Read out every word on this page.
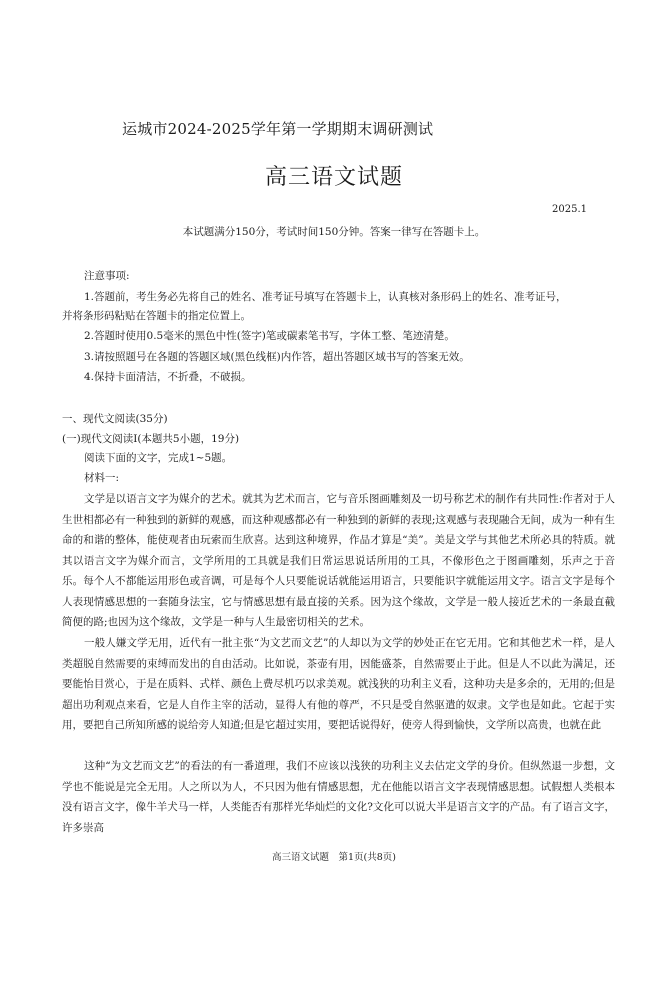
运城市2024-2025学年第一学期期末调研测试
高三语文试题
2025.1
本试题满分150分，考试时间150分钟。答案一律写在答题卡上。
注意事项:
1.答题前，考生务必先将自己的姓名、准考证号填写在答题卡上，认真核对条形码上的姓名、准考证号，
并将条形码粘贴在答题卡的指定位置上。
2.答题时使用0.5毫米的黑色中性(签字)笔或碳素笔书写，字体工整、笔迹清楚。
3.请按照题号在各题的答题区域(黑色线框)内作答，超出答题区域书写的答案无效。
4.保持卡面清洁，不折叠，不破损。
一、现代文阅读(35分)
(一)现代文阅读Ⅰ(本题共5小题，19分)
阅读下面的文字，完成1~5题。
材料一:
文学是以语言文字为媒介的艺术。就其为艺术而言，它与音乐图画雕刻及一切号称艺术的制作有共同性:作者对于人生世相都必有一种独到的新鲜的观感，而这种观感都必有一种独到的新鲜的表现;这观感与表现融合无间，成为一种有生命的和谐的整体，能使观者由玩索而生欣喜。达到这种境界，作品才算是“美”。美是文学与其他艺术所必具的特质。就其以语言文字为媒介而言，文学所用的工具就是我们日常运思说话所用的工具，不像形色之于图画雕刻，乐声之于音乐。每个人不都能运用形色或音调，可是每个人只要能说话就能运用语言，只要能识字就能运用文字。语言文字是每个人表现情感思想的一套随身法宝，它与情感思想有最直接的关系。因为这个缘故，文学是一般人接近艺术的一条最直截简便的路;也因为这个缘故，文学是一种与人生最密切相关的艺术。
一般人嫌文学无用，近代有一批主张“为文艺而文艺”的人却以为文学的妙处正在它无用。它和其他艺术一样，是人类超脱自然需要的束缚而发出的自由活动。比如说，茶壶有用，因能盛茶，自然需要止于此。但是人不以此为满足，还要能怡目赏心，于是在质料、式样、颜色上费尽机巧以求美观。就浅狭的功利主义看，这种功夫是多余的，无用的;但是超出功利观点来看，它是人自作主宰的活动，显得人有他的尊严，不只是受自然驱遣的奴隶。文学也是如此。它起于实用，要把自己所知所感的说给旁人知道;但是它超过实用，要把话说得好，使旁人得到愉快，文学所以高贵，也就在此
这种“为文艺而文艺”的看法的有一番道理，我们不应该以浅狭的功利主义去估定文学的身价。但纵然退一步想，文学也不能说是完全无用。人之所以为人，不只因为他有情感思想，尤在他能以语言文字表现情感思想。试假想人类根本没有语言文字，像牛羊犬马一样，人类能否有那样光华灿烂的文化?文化可以说大半是语言文字的产品。有了语言文字，许多崇高
高三语文试题　第1页(共8页)
